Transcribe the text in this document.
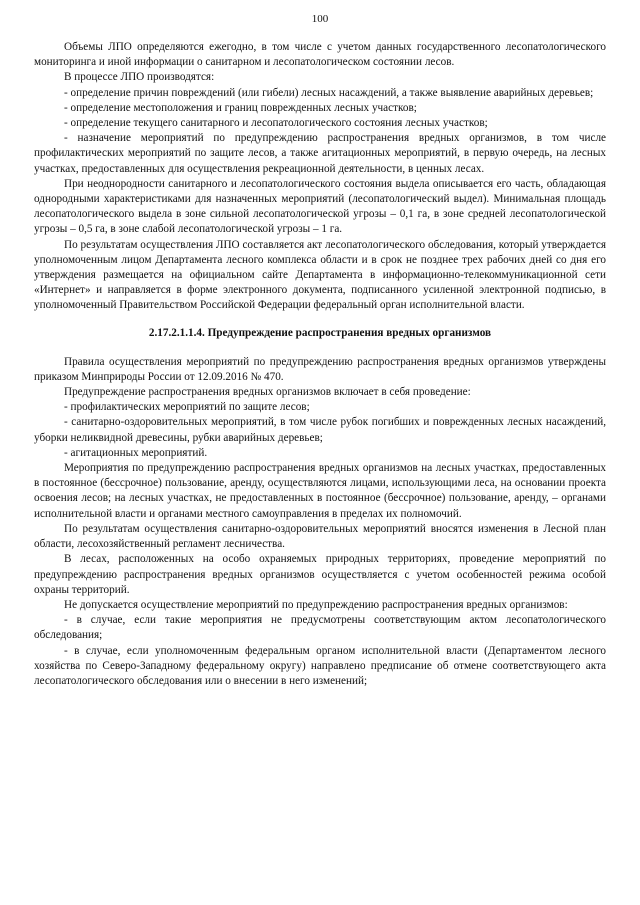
100

Объемы ЛПО определяются ежегодно, в том числе с учетом данных государственного лесопатологического мониторинга и иной информации о санитарном и лесопатологическом состоянии лесов.

В процессе ЛПО производятся:

- определение причин повреждений (или гибели) лесных насаждений, а также выявление аварийных деревьев;

- определение местоположения и границ поврежденных лесных участков;

- определение текущего санитарного и лесопатологического состояния лесных участков;

- назначение мероприятий по предупреждению распространения вредных организмов, в том числе профилактических мероприятий по защите лесов, а также агитационных мероприятий, в первую очередь, на лесных участках, предоставленных для осуществления рекреационной деятельности, в ценных лесах.

При неоднородности санитарного и лесопатологического состояния выдела описывается его часть, обладающая однородными характеристиками для назначенных мероприятий (лесопатологический выдел). Минимальная площадь лесопатологического выдела в зоне сильной лесопатологической угрозы – 0,1 га, в зоне средней лесопатологической угрозы – 0,5 га, в зоне слабой лесопатологической угрозы – 1 га.

По результатам осуществления ЛПО составляется акт лесопатологического обследования, который утверждается уполномоченным лицом Департамента лесного комплекса области и в срок не позднее трех рабочих дней со дня его утверждения размещается на официальном сайте Департамента в информационно-телекоммуникационной сети «Интернет» и направляется в форме электронного документа, подписанного усиленной электронной подписью, в уполномоченный Правительством Российской Федерации федеральный орган исполнительной власти.

2.17.2.1.1.4. Предупреждение распространения вредных организмов

Правила осуществления мероприятий по предупреждению распространения вредных организмов утверждены приказом Минприроды России от 12.09.2016 № 470.

Предупреждение распространения вредных организмов включает в себя проведение:

- профилактических мероприятий по защите лесов;

- санитарно-оздоровительных мероприятий, в том числе рубок погибших и поврежденных лесных насаждений, уборки нeликвидной древесины, рубки аварийных деревьев;

- агитационных мероприятий.

Мероприятия по предупреждению распространения вредных организмов на лесных участках, предоставленных в постоянное (бессрочное) пользование, аренду, осуществляются лицами, использующими леса, на основании проекта освоения лесов; на лесных участках, не предоставленных в постоянное (бессрочное) пользование, аренду, – органами исполнительной власти и органами местного самоуправления в пределах их полномочий.

По результатам осуществления санитарно-оздоровительных мероприятий вносятся изменения в Лесной план области, лесохозяйственный регламент лесничества.

В лесах, расположенных на особо охраняемых природных территориях, проведение мероприятий по предупреждению распространения вредных организмов осуществляется с учетом особенностей режима особой охраны территорий.

Не допускается осуществление мероприятий по предупреждению распространения вредных организмов:

- в случае, если такие мероприятия не предусмотрены соответствующим актом лесопатологического обследования;

- в случае, если уполномоченным федеральным органом исполнительной власти (Департаментом лесного хозяйства по Северо-Западному федеральному округу) направлено предписание об отмене соответствующего акта лесопатологического обследования или о внесении в него изменений;
